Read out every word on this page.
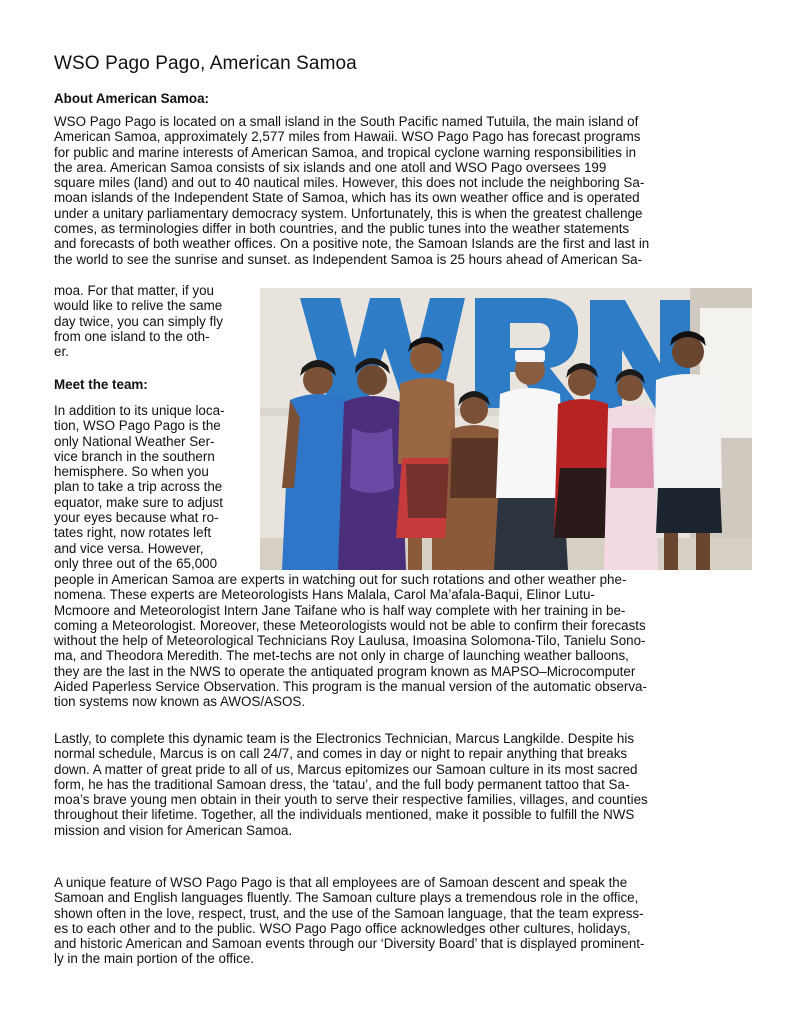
WSO Pago Pago, American Samoa
About American Samoa:
WSO Pago Pago is located on a small island in the South Pacific named Tutuila, the main island of
American Samoa, approximately 2,577 miles from Hawaii. WSO Pago Pago has forecast programs
for public and marine interests of American Samoa, and tropical cyclone warning responsibilities in
the area. American Samoa consists of six islands and one atoll and WSO Pago oversees 199
square miles (land) and out to 40 nautical miles. However, this does not include the neighboring Sa-
moan islands of the Independent State of Samoa, which has its own weather office and is operated
under a unitary parliamentary democracy system. Unfortunately, this is when the greatest challenge
comes, as terminologies differ in both countries, and the public tunes into the weather statements
and forecasts of both weather offices. On a positive note, the Samoan Islands are the first and last in
the world to see the sunrise and sunset. as Independent Samoa is 25 hours ahead of American Sa-
moa. For that matter, if you
would like to relive the same
day twice, you can simply fly
from one island to the oth-
er.
Meet the team:
In addition to its unique loca-
tion, WSO Pago Pago is the
only National Weather Ser-
vice branch in the southern
hemisphere. So when you
plan to take a trip across the
equator, make sure to adjust
your eyes because what ro-
tates right, now rotates left
and vice versa. However,
only three out of the 65,000
people in American Samoa are experts in watching out for such rotations and other weather phe-
nomena. These experts are Meteorologists Hans Malala, Carol Ma’afala-Baqui, Elinor Lutu-
Mcmoore and Meteorologist Intern Jane Taifane who is half way complete with her training in be-
coming a Meteorologist. Moreover, these Meteorologists would not be able to confirm their forecasts
without the help of Meteorological Technicians Roy Laulusa, Imoasina Solomona-Tilo, Tanielu Sono-
ma, and Theodora Meredith. The met-techs are not only in charge of launching weather balloons,
they are the last in the NWS to operate the antiquated program known as MAPSO–Microcomputer
Aided Paperless Service Observation. This program is the manual version of the automatic observa-
tion systems now known as AWOS/ASOS.
Lastly, to complete this dynamic team is the Electronics Technician, Marcus Langkilde. Despite his
normal schedule, Marcus is on call 24/7, and comes in day or night to repair anything that breaks
down. A matter of great pride to all of us, Marcus epitomizes our Samoan culture in its most sacred
form, he has the traditional Samoan dress, the ‘tatau’, and the full body permanent tattoo that Sa-
moa’s brave young men obtain in their youth to serve their respective families, villages, and counties
throughout their lifetime. Together, all the individuals mentioned, make it possible to fulfill the NWS
mission and vision for American Samoa.
A unique feature of WSO Pago Pago is that all employees are of Samoan descent and speak the
Samoan and English languages fluently. The Samoan culture plays a tremendous role in the office,
shown often in the love, respect, trust, and the use of the Samoan language, that the team express-
es to each other and to the public. WSO Pago Pago office acknowledges other cultures, holidays,
and historic American and Samoan events through our ‘Diversity Board’ that is displayed prominent-
ly in the main portion of the office.
